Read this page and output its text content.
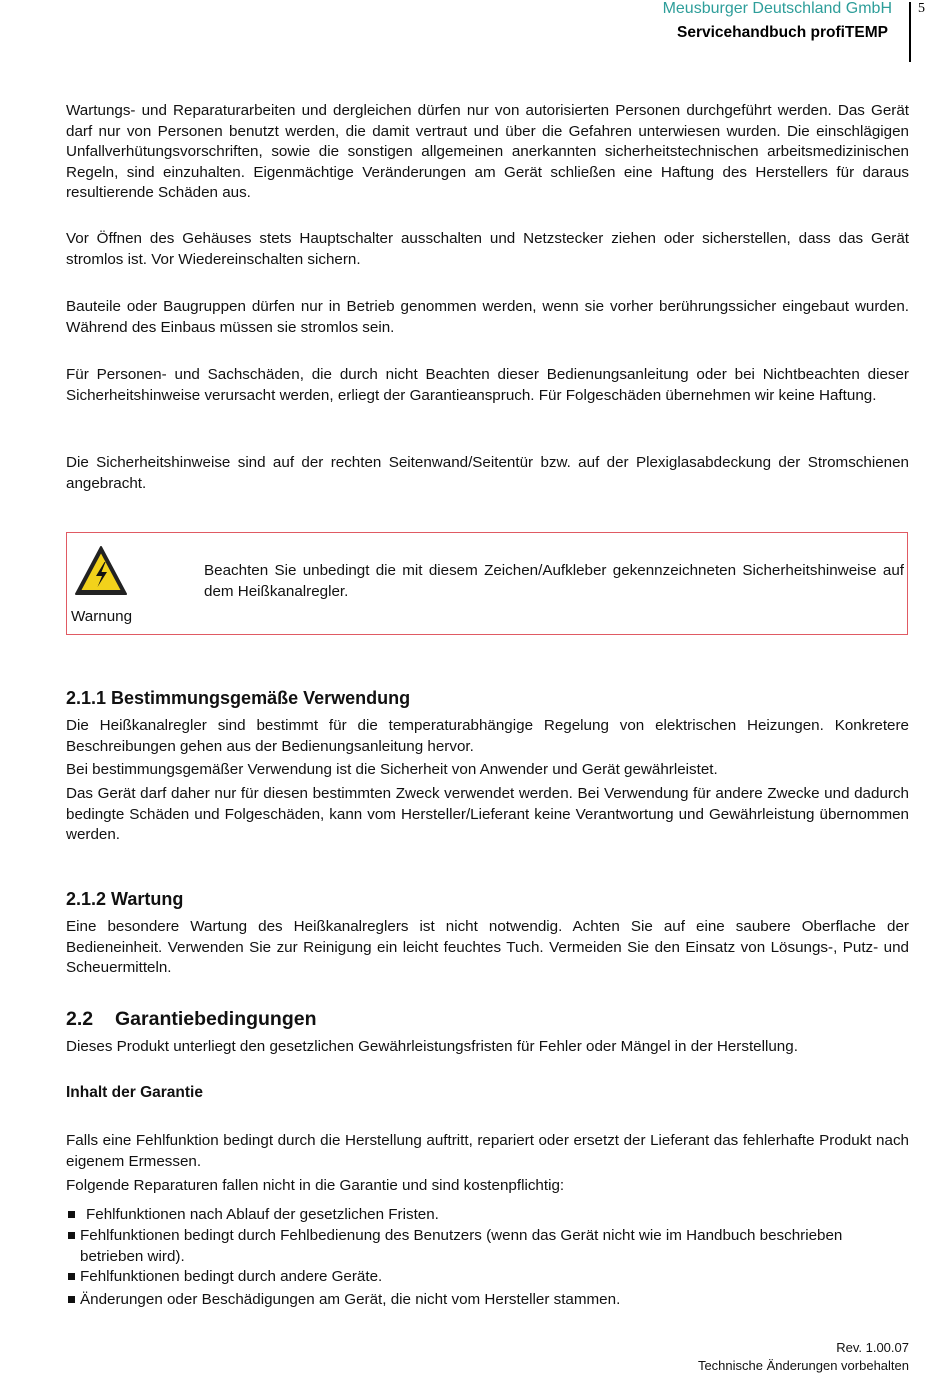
Meusburger Deutschland GmbH
Servicehandbuch profiTEMP
5
Wartungs- und Reparaturarbeiten und dergleichen dürfen nur von autorisierten Personen durchgeführt werden. Das Gerät darf nur von Personen benutzt werden, die damit vertraut und über die Gefahren unterwiesen wurden. Die einschlägigen Unfallverhütungsvorschriften, sowie die sonstigen allgemeinen anerkannten sicherheitstechnischen arbeitsmedizinischen Regeln, sind einzuhalten. Eigenmächtige Veränderungen am Gerät schließen eine Haftung des Herstellers für daraus resultierende Schäden aus.
Vor Öffnen des Gehäuses stets Hauptschalter ausschalten und Netzstecker ziehen oder sicherstellen, dass das Gerät stromlos ist. Vor Wiedereinschalten sichern.
Bauteile oder Baugruppen dürfen nur in Betrieb genommen werden, wenn sie vorher berührungssicher eingebaut wurden. Während des Einbaus müssen sie stromlos sein.
Für Personen- und Sachschäden, die durch nicht Beachten dieser Bedienungsanleitung oder bei Nichtbeachten dieser Sicherheitshinweise verursacht werden, erliegt der Garantieanspruch. Für Folgeschäden übernehmen wir keine Haftung.
Die Sicherheitshinweise sind auf der rechten Seitenwand/Seitentür bzw. auf der Plexiglasabdeckung der Stromschienen angebracht.
Warnung
Beachten Sie unbedingt die mit diesem Zeichen/Aufkleber gekennzeichneten Sicherheitshinweise auf dem Heißkanalregler.
2.1.1 Bestimmungsgemäße Verwendung
Die Heißkanalregler sind bestimmt für die temperaturabhängige Regelung von elektrischen Heizungen. Konkretere Beschreibungen gehen aus der Bedienungsanleitung hervor.
Bei bestimmungsgemäßer Verwendung ist die Sicherheit von Anwender und Gerät gewährleistet.
Das Gerät darf daher nur für diesen bestimmten Zweck verwendet werden. Bei Verwendung für andere Zwecke und dadurch bedingte Schäden und Folgeschäden, kann vom Hersteller/Lieferant keine Verantwortung und Gewährleistung übernommen werden.
2.1.2 Wartung
Eine besondere Wartung des Heißkanalreglers ist nicht notwendig. Achten Sie auf eine saubere Oberflache der Bedieneinheit. Verwenden Sie zur Reinigung ein leicht feuchtes Tuch. Vermeiden Sie den Einsatz von Lösungs-, Putz- und Scheuermitteln.
2.2 Garantiebedingungen
Dieses Produkt unterliegt den gesetzlichen Gewährleistungsfristen für Fehler oder Mängel in der Herstellung.
Inhalt der Garantie
Falls eine Fehlfunktion bedingt durch die Herstellung auftritt, repariert oder ersetzt der Lieferant das fehlerhafte Produkt nach eigenem Ermessen.
Folgende Reparaturen fallen nicht in die Garantie und sind kostenpflichtig:
Fehlfunktionen nach Ablauf der gesetzlichen Fristen.
Fehlfunktionen bedingt durch Fehlbedienung des Benutzers (wenn das Gerät nicht wie im Handbuch beschrieben betrieben wird).
Fehlfunktionen bedingt durch andere Geräte.
Änderungen oder Beschädigungen am Gerät, die nicht vom Hersteller stammen.
Rev. 1.00.07
Technische Änderungen vorbehalten
